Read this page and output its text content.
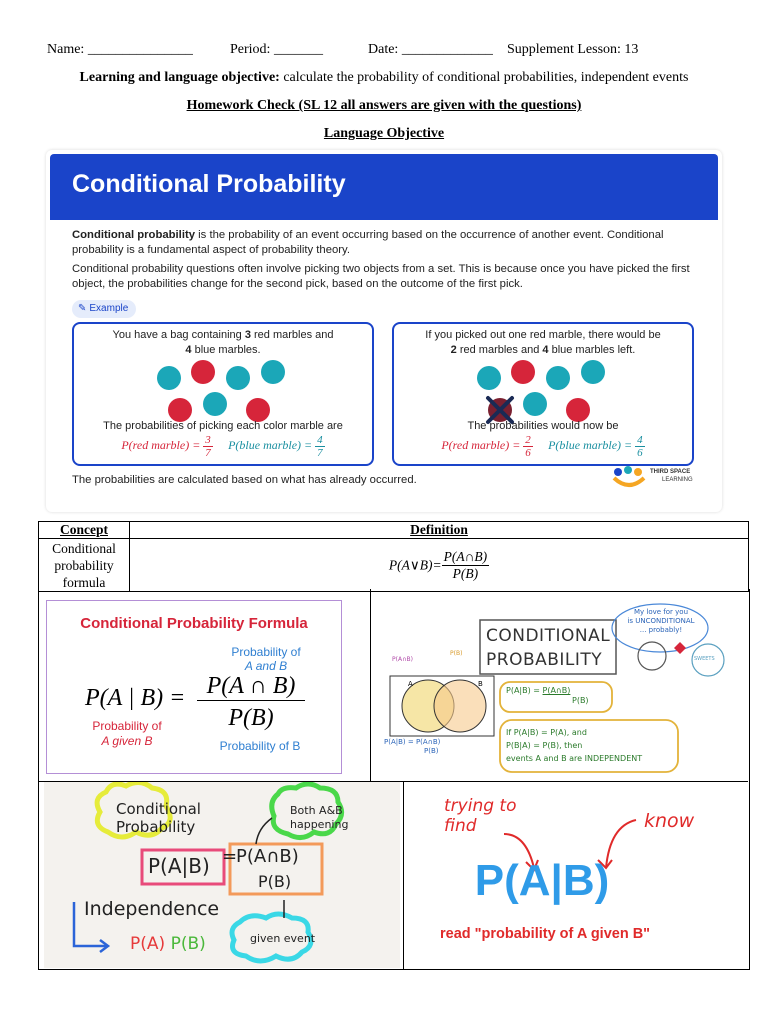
Name: _______________	Period: _______	Date: _____________ Supplement Lesson: 13
Learning and language objective: calculate the probability of conditional probabilities, independent events
Homework Check (SL 12 all answers are given with the questions)
Language Objective
Conditional Probability
Conditional probability is the probability of an event occurring based on the occurrence of another event. Conditional probability is a fundamental aspect of probability theory.
Conditional probability questions often involve picking two objects from a set. This is because once you have picked the first object, the probabilities change for the second pick, based on the outcome of the first pick.
✎ Example
You have a bag containing 3 red marbles and
4 blue marbles.
The probabilities of picking each color marble are
P(red marble) = $\frac{3}{7}$ P(blue marble) = $\frac{4}{7}$
If you picked out one red marble, there would be
2 red marbles and 4 blue marbles left.
The probabilities would now be
P(red marble) = $\frac{2}{6}$ P(blue marble) = $\frac{4}{6}$
The probabilities are calculated based on what has already occurred.
THIRD SPACE
LEARNING
Concept	Definition
Conditional probability formula	P(A∨B)= $\frac{P(A\cap B)}{P(B)}$
Conditional Probability Formula
Probability of
A and B
P(A | B) = P(A ∩ B)
P(B)
Probability of
A given B	Probability of B
CONDITIONAL
PROBABILITY
My love for you
is UNCONDITIONAL
... probably!
SWEETS
A	B
P(A∩B)
P(B)
P(A|B) = P(A∩B)
P(B)
P(A|B) = P(A∩B)
P(B)
If P(A|B) = P(A), and
P(B|A) = P(B), then
events A and B are INDEPENDENT
Conditional
Probability
Both A&B
happening
P(A|B) =
P(A∩B)
P(B)
Independence
P(A) P(B)	given event
trying to
find	know
P(A|B)
read "probability of A given B"
